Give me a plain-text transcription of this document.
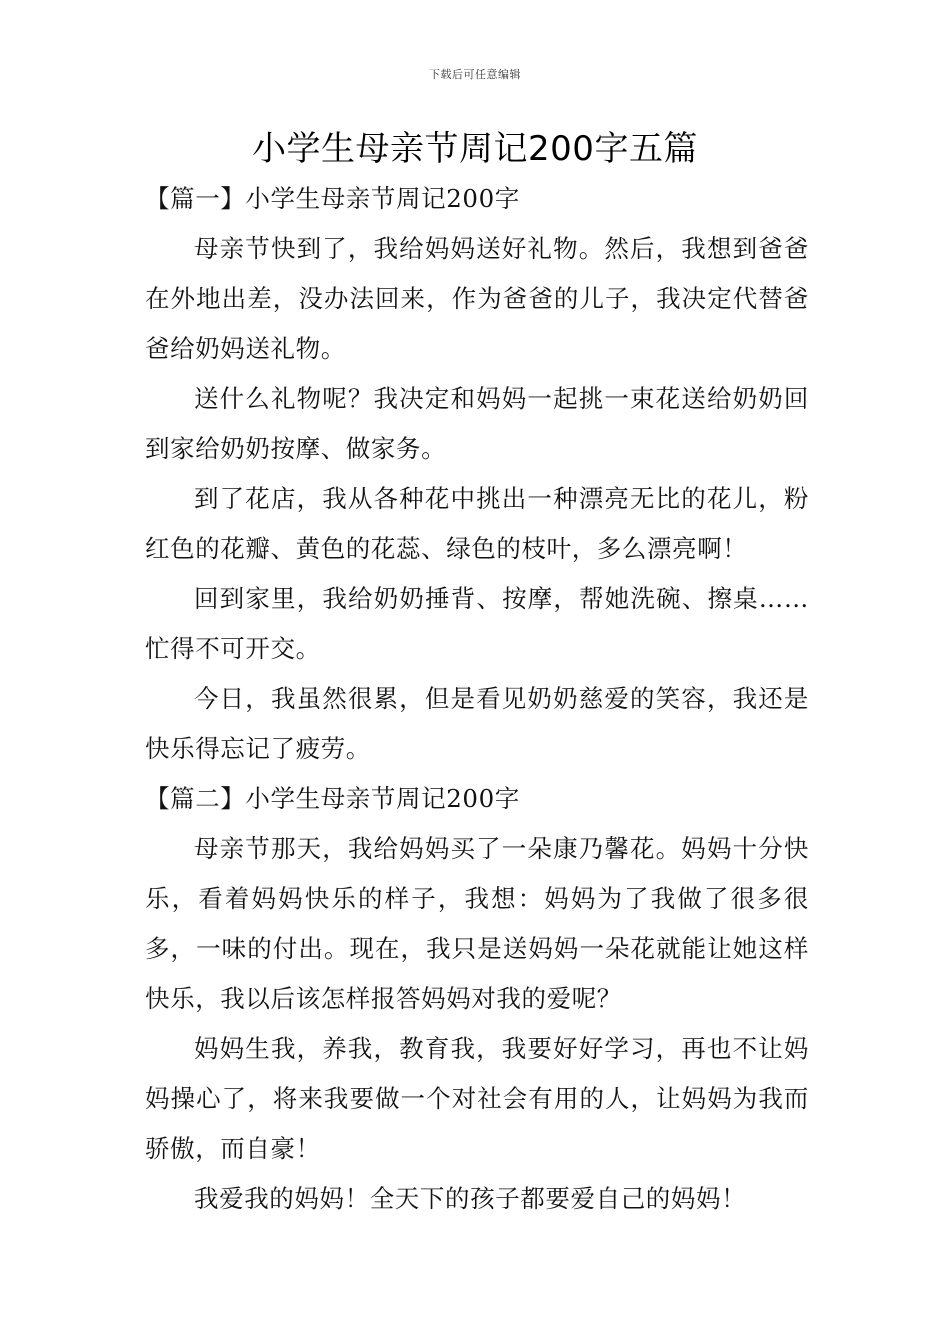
下载后可任意编辑
小学生母亲节周记200字五篇

【篇一】小学生母亲节周记200字

母亲节快到了，我给妈妈送好礼物。然后，我想到爸爸在外地出差，没办法回来，作为爸爸的儿子，我决定代替爸爸给奶妈送礼物。

送什么礼物呢？我决定和妈妈一起挑一束花送给奶奶回到家给奶奶按摩、做家务。

到了花店，我从各种花中挑出一种漂亮无比的花儿，粉红色的花瓣、黄色的花蕊、绿色的枝叶，多么漂亮啊！

回到家里，我给奶奶捶背、按摩，帮她洗碗、擦桌……忙得不可开交。

今日，我虽然很累，但是看见奶奶慈爱的笑容，我还是快乐得忘记了疲劳。

【篇二】小学生母亲节周记200字

母亲节那天，我给妈妈买了一朵康乃馨花。妈妈十分快乐，看着妈妈快乐的样子，我想：妈妈为了我做了很多很多，一味的付出。现在，我只是送妈妈一朵花就能让她这样快乐，我以后该怎样报答妈妈对我的爱呢？

妈妈生我，养我，教育我，我要好好学习，再也不让妈妈操心了，将来我要做一个对社会有用的人，让妈妈为我而骄傲，而自豪！

我爱我的妈妈！全天下的孩子都要爱自己的妈妈！
